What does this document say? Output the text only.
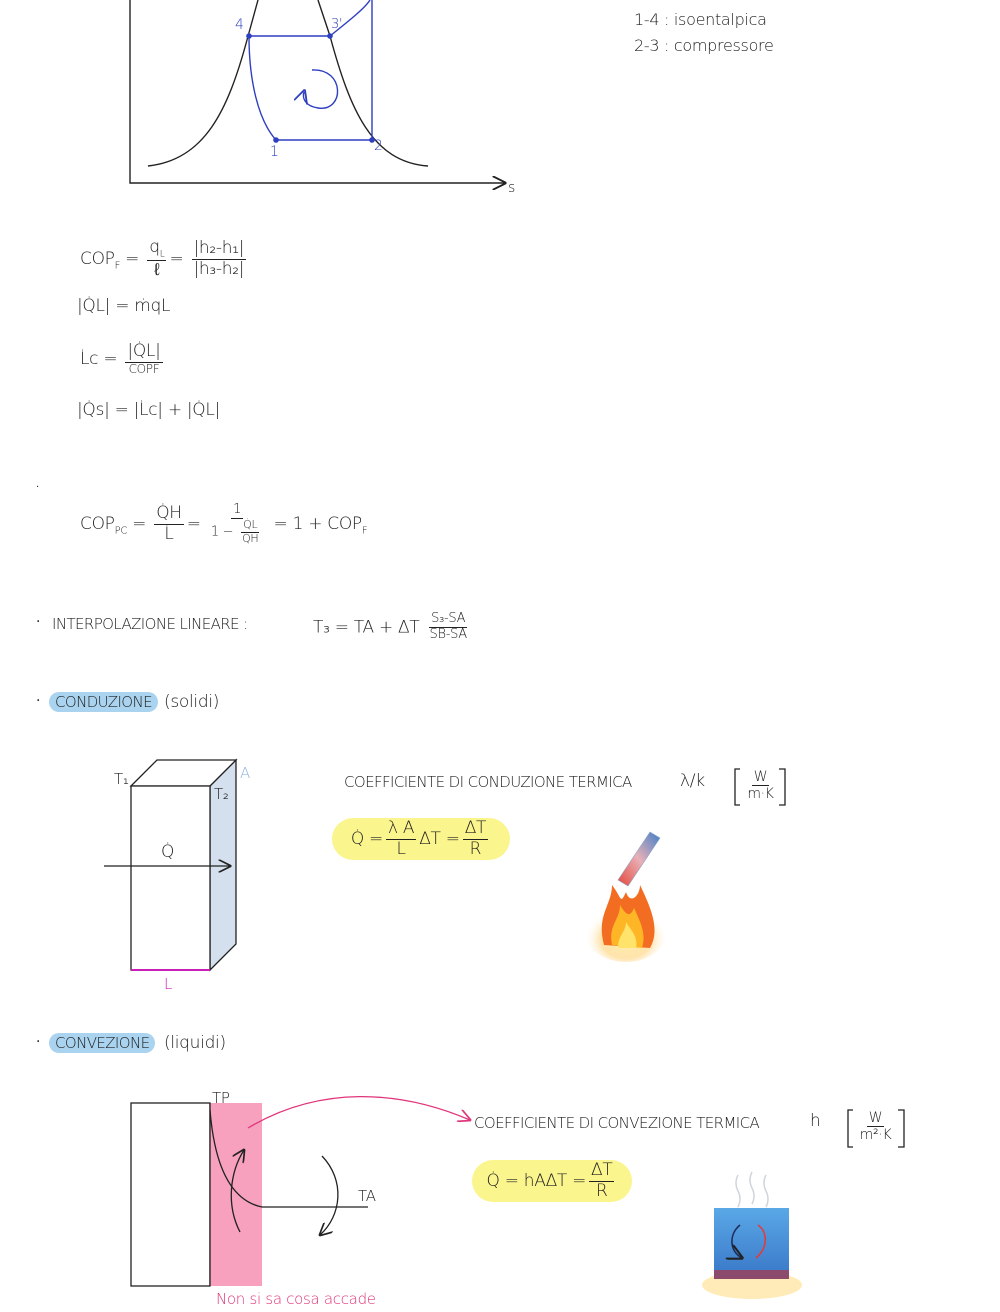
4	3'
1	2
s
1-4 : isoentalpica
2-3 : compressore
$COP_F = \frac{q_L}{\text{ℓ}} = \frac{\text{|h₂-h₁|}}{\text{|h₃-h₂|}}$
|Q̇L| = ṁqL
L̇c = $\frac{|Q̇L|}{\text{COPF}}$
|Q̇s| = |L̇c| + |Q̇L|
·
$COP_{PC} = \frac{Q̇H}{L̇} = \frac{1}{1 - \frac{Q̇L}{Q̇H}} = 1 + COP_F$
· INTERPOLAZIONE LINEARE :	T₃ = TA + ΔT $\frac{\text{S₃-SA}}{SB-SA}$
· CONDUZIONE (solidi)
T₁
T₂
A
Q̇
L
COEFFICIENTE DI CONDUZIONE TERMICA	λ/k	$\frac{W}{m\cdot K}$
Q̇ = $\frac{\text{λ A}}{L}$ $\Delta T = \frac{\Delta T}{R}$
· CONVEZIONE (liquidi)
TP
TA
COEFFICIENTE DI CONVEZIONE TERMICA	h $\frac{W}{\text{m²·K}}$
Q̇ = $hA\Delta T = \frac{\Delta T}{R}$
Non si sa cosa accade
